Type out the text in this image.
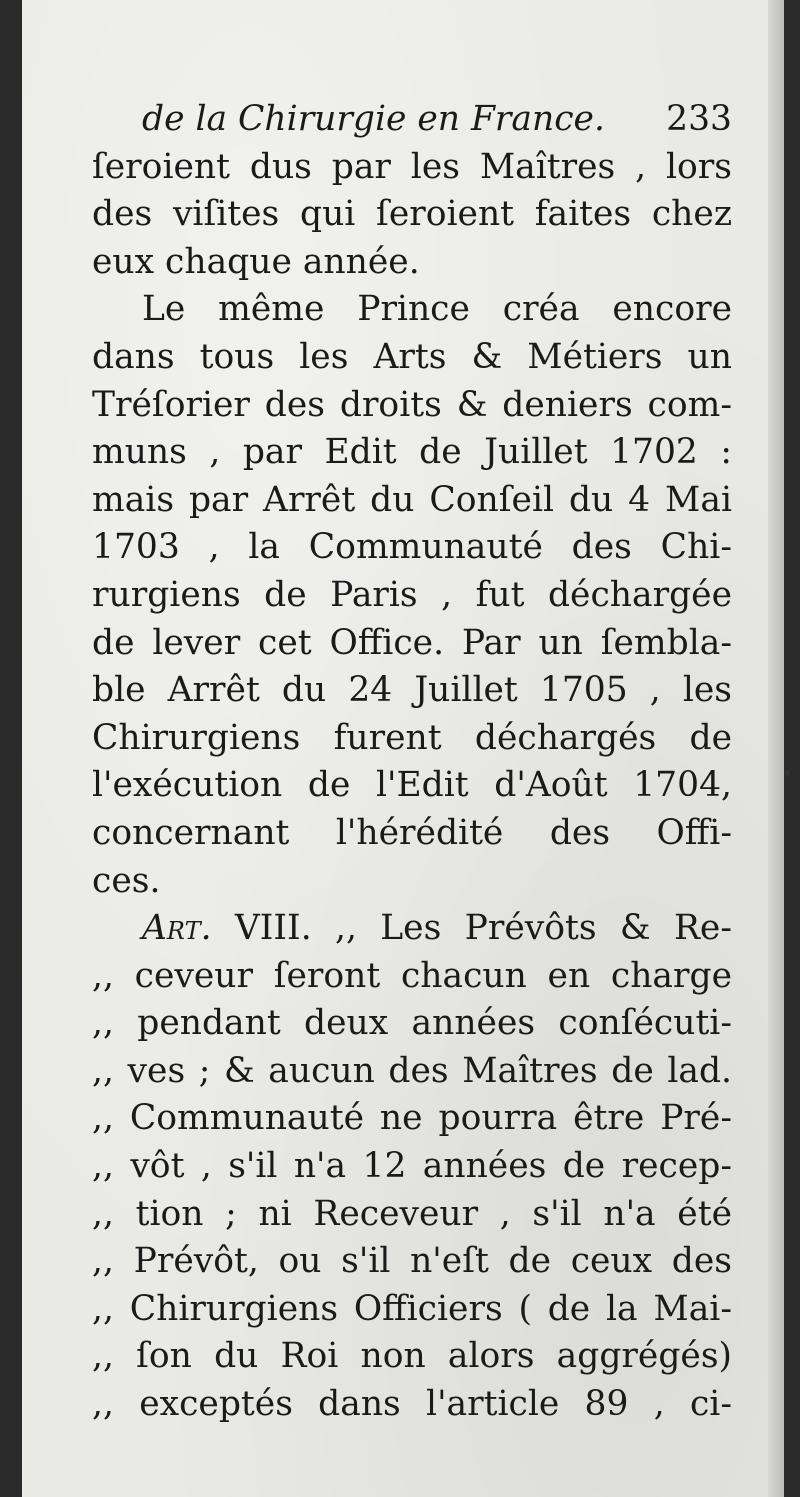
de la Chirurgie en France. 233
ſeroient dus par les Maîtres , lors
des viſites qui ſeroient faites chez
eux chaque année.
Le même Prince créa encore
dans tous les Arts & Métiers un
Tréſorier des droits & deniers com-
muns , par Edit de Juillet 1702 :
mais par Arrêt du Conſeil du 4 Mai
1703 , la Communauté des Chi-
rurgiens de Paris , fut déchargée
de lever cet Office. Par un ſembla-
ble Arrêt du 24 Juillet 1705 , les
Chirurgiens furent déchargés de
l'exécution de l'Edit d'Août 1704,
concernant l'hérédité des Offi-
ces.
Art. VIII. ,, Les Prévôts & Re-
,, ceveur ſeront chacun en charge
,, pendant deux années conſécuti-
,, ves ; & aucun des Maîtres de lad.
,, Communauté ne pourra être Pré-
,, vôt , s'il n'a 12 années de recep-
,, tion ; ni Receveur , s'il n'a été
,, Prévôt, ou s'il n'eſt de ceux des
,, Chirurgiens Officiers ( de la Mai-
,, ſon du Roi non alors aggrégés)
,, exceptés dans l'article 89 , ci-
